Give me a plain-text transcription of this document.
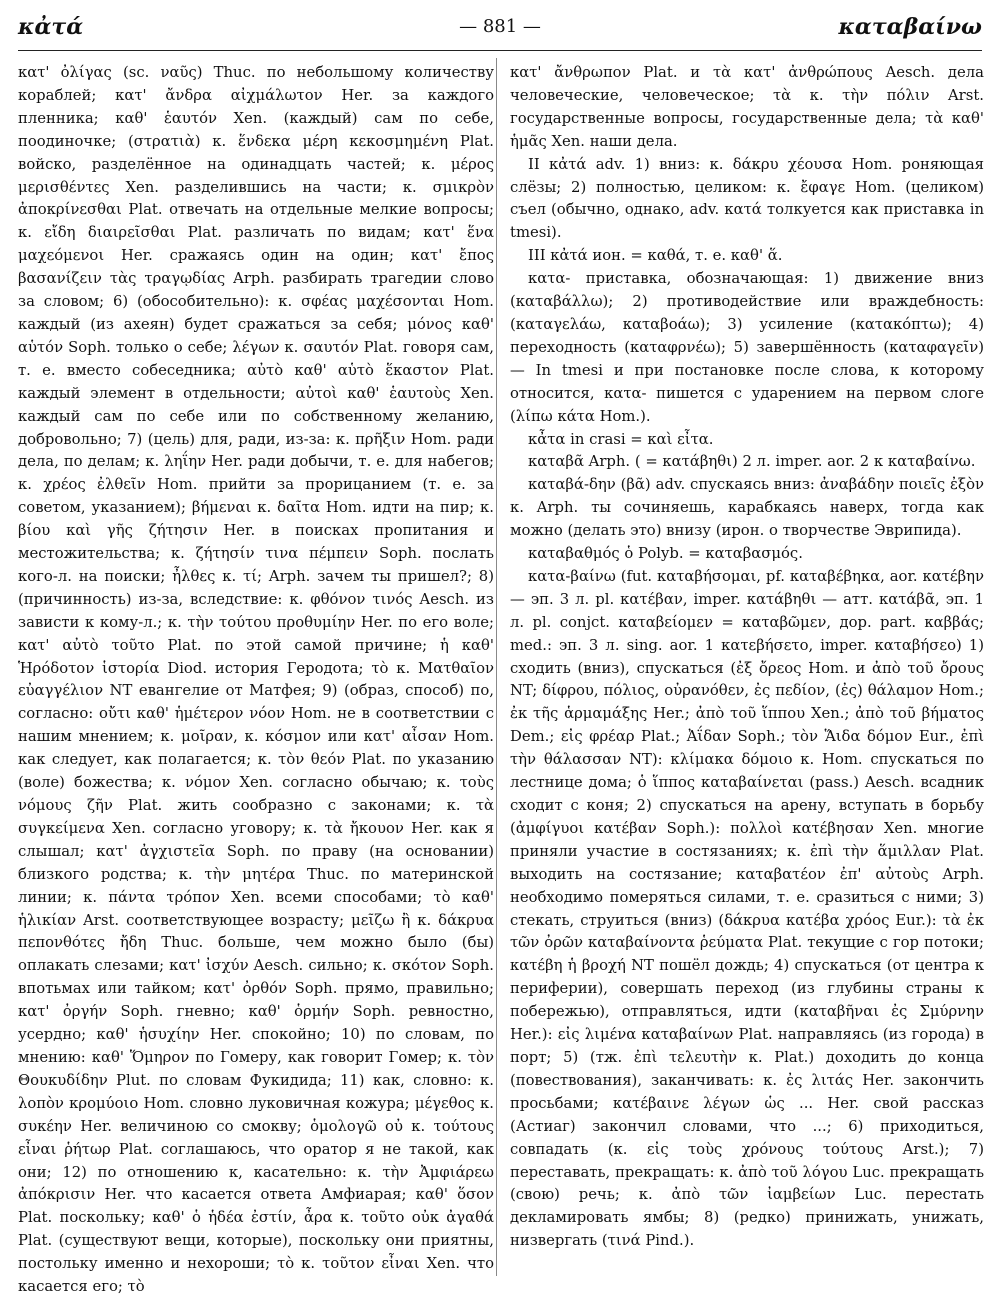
κἀτά	— 881 —	καταβαίνω

κατ' ὀλίγας (sc. ναῦς) Thuc. по небольшому количеству кораблей; κατ' ἄνδρα αἰχμάλωτον Her. за каждого пленника; καθ' ἑαυτόν Xen. (каждый) сам по себе, поодиночке; (στρατιὰ) κ. ἕνδεκα μέρη κεκοσμημένη Plat. войско, разделённое на одинадцать частей; κ. μέρος μερισθέντες Xen. разделившись на части; κ. σμικρὸν ἀποκρίνεσθαι Plat. отвечать на отдельные мелкие вопросы; κ. εἴδη διαιρεῖσθαι Plat. различать по видам; κατ' ἕνα μαχεόμενοι Her. сражаясь один на один; κατ' ἔπος βασανίζειν τὰς τραγῳδίας Arph. разбирать трагедии слово за словом; 6) (обособительно): κ. σφέας μαχέσονται Hom. каждый (из ахеян) будет сражаться за себя; μόνος καθ' αὑτόν Soph. только о себе; λέγων κ. σαυτόν Plat. говоря сам, т. е. вместо собеседника; αὐτὸ καθ' αὑτὸ ἕκαστον Plat. каждый элемент в отдельности; αὐτοὶ καθ' ἑαυτοὺς Xen. каждый сам по себе или по собственному желанию, добровольно; 7) (цель) для, ради, из-за: κ. πρῆξιν Hom. ради дела, по делам; κ. ληΐην Her. ради добычи, т. е. для набегов; κ. χρέος ἐλθεῖν Hom. прийти за прорицанием (т. е. за советом, указанием); βήμεναι κ. δαῖτα Hom. идти на пир; κ. βίου καὶ γῆς ζήτησιν Her. в поисках пропитания и местожительства; κ. ζήτησίν τινα πέμπειν Soph. послать кого-л. на поиски; ἦλθες κ. τί; Arph. зачем ты пришел?; 8) (причинность) из-за, вследствие: κ. φθόνον τινός Aesch. из зависти к кому-л.; κ. τὴν τούτου προθυμίην Her. по его воле; κατ' αὐτὸ τοῦτο Plat. по этой самой причине; ἡ καθ' Ἡρόδοτον ἱστορία Diod. история Геродота; τὸ κ. Ματθαῖον εὐαγγέλιον NT евангелие от Матфея; 9) (образ, способ) по, согласно: οὔτι καθ' ἡμέτερον νόον Hom. не в соответствии с нашим мнением; κ. μοῖραν, κ. κόσμον или κατ' αἶσαν Hom. как следует, как полагается; κ. τὸν θεόν Plat. по указанию (воле) божества; κ. νόμον Xen. согласно обычаю; κ. τοὺς νόμους ζῆν Plat. жить сообразно с законами; κ. τὰ συγκείμενα Xen. согласно уговору; κ. τὰ ἤκουον Her. как я слышал; κατ' ἀγχιστεῖα Soph. по праву (на основании) близкого родства; κ. τὴν μητέρα Thuc. по материнской линии; κ. πάντα τρόπον Xen. всеми способами; τὸ καθ' ἡλικίαν Arst. соответствующее возрасту; μεῖζω ἢ κ. δάκρυα πεπονθότες ἤδη Thuc. больше, чем можно было (бы) оплакать слезами; κατ' ἰσχύν Aesch. сильно; κ. σκότον Soph. впотьмах или тайком; κατ' ὀρθόν Soph. прямо, правильно; κατ' ὀργήν Soph. гневно; καθ' ὁρμήν Soph. ревностно, усердно; καθ' ἡσυχίην Her. спокойно; 10) по словам, по мнению: καθ' Ὅμηρον по Гомеру, как говорит Гомер; κ. τὸν Θουκυδίδην Plut. по словам Фукидида; 11) как, словно: κ. λοπὸν κρομύοιο Hom. словно луковичная кожура; μέγεθος κ. συκέην Her. величиною со смокву; ὁμολογῶ οὐ κ. τούτους εἶναι ῥήτωρ Plat. соглашаюсь, что оратор я не такой, как они; 12) по отношению к, касательно: κ. τὴν Ἀμφιάρεω ἀπόκρισιν Her. что касается ответа Амфиарая; καθ' ὅσον Plat. поскольку; καθ' ὁ ἡδέα ἐστίν, ἆρα κ. τοῦτο οὐκ ἀγαθά Plat. (существуют вещи, которые), поскольку они приятны, постольку именно и нехороши; τὸ κ. τοῦτον εἶναι Xen. что касается его; τὸ

κατ' ἄνθρωπον Plat. и τὰ κατ' ἀνθρώπους Aesch. дела человеческие, человеческое; τὰ κ. τὴν πόλιν Arst. государственные вопросы, государственные дела; τὰ καθ' ἡμᾶς Xen. наши дела.

II κἀτά adv. 1) вниз: κ. δάκρυ χέουσα Hom. роняющая слёзы; 2) полностью, целиком: κ. ἔφαγε Hom. (целиком) съел (обычно, однако, adv. κατά толкуется как приставка in tmesi).

III κἀτά ион. = καθά, т. е. καθ' ἅ.

κατα- приставка, обозначающая: 1) движение вниз (καταβάλλω); 2) противодействие или враждебность: (καταγελάω, καταβοάω); 3) усиление (κατακόπτω); 4) переходность (καταφρνέω); 5) завершённость (καταφαγεῖν) — In tmesi и при постановке после слова, к которому относится, κατα- пишется с ударением на первом слоге (λίπω κάτα Hom.).

κἆτα in crasi = καὶ εἶτα.

καταβᾶ Arph. ( = κατάβηθι) 2 л. imper. aor. 2 к καταβαίνω.

καταβά-δην (βᾶ) adv. спускаясь вниз: ἀναβάδην ποιεῖς ἐξὸν κ. Arph. ты сочиняешь, карабкаясь наверх, тогда как можно (делать это) внизу (ирон. о творчестве Эврипида).

καταβαθμός ὁ Polyb. = καταβασμός.

κατα-βαίνω (fut. καταβήσομαι, pf. καταβέβηκα, aor. κατέβην — эп. 3 л. pl. κατέβαν, imper. κατάβηθι — атт. κατάβᾶ, эп. 1 л. pl. conjct. καταβείομεν = καταβῶμεν, дор. part. καββάς; med.: эп. 3 л. sing. aor. 1 κατεβήσετο, imper. καταβήσεο) 1) сходить (вниз), спускаться (ἐξ ὄρεος Hom. и ἀπὸ τοῦ ὄρους NT; δίφρου, πόλιος, οὐρανόθεν, ἐς πεδίον, (ἐς) θάλαμον Hom.; ἐκ τῆς ἁρμαμάξης Her.; ἀπὸ τοῦ ἵππου Xen.; ἀπὸ τοῦ βήματος Dem.; εἰς φρέαρ Plat.; Ἀΐδαν Soph.; τὸν Ἅιδα δόμον Eur., ἐπὶ τὴν θάλασσαν NT): κλίμακα δόμοιο κ. Hom. спускаться по лестнице дома; ὁ ἵππος καταβαίνεται (pass.) Aesch. всадник сходит с коня; 2) спускаться на арену, вступать в борьбу (ἀμφίγυοι κατέβαν Soph.): πολλοὶ κατέβησαν Xen. многие приняли участие в состязаниях; κ. ἐπὶ τὴν ἅμιλλαν Plat. выходить на состязание; καταβατέον ἐπ' αὐτοὺς Arph. необходимо померяться силами, т. е. сразиться с ними; 3) стекать, струиться (вниз) (δάκρυα κατέβα χρόος Eur.): τὰ ἐκ τῶν ὀρῶν καταβαίνοντα ῥεύματα Plat. текущие с гор потоки; κατέβη ἡ βροχή NT пошёл дождь; 4) спускаться (от центра к периферии), совершать переход (из глубины страны к побережью), отправляться, идти (καταβῆναι ἐς Σμύρνην Her.): εἰς λιμένα καταβαίνων Plat. направляясь (из города) в порт; 5) (тж. ἐπὶ τελευτὴν κ. Plat.) доходить до конца (повествования), заканчивать: κ. ἐς λιτάς Her. закончить просьбами; κατέβαινε λέγων ὡς ... Her. свой рассказ (Астиаг) закончил словами, что ...; 6) приходиться, совпадать (κ. εἰς τοὺς χρόνους τούτους Arst.); 7) переставать, прекращать: κ. ἀπὸ τοῦ λόγου Luc. прекращать (свою) речь; κ. ἀπὸ τῶν ἰαμβείων Luc. перестать декламировать ямбы; 8) (редко) принижать, унижать, низвергать (τινά Pind.).
